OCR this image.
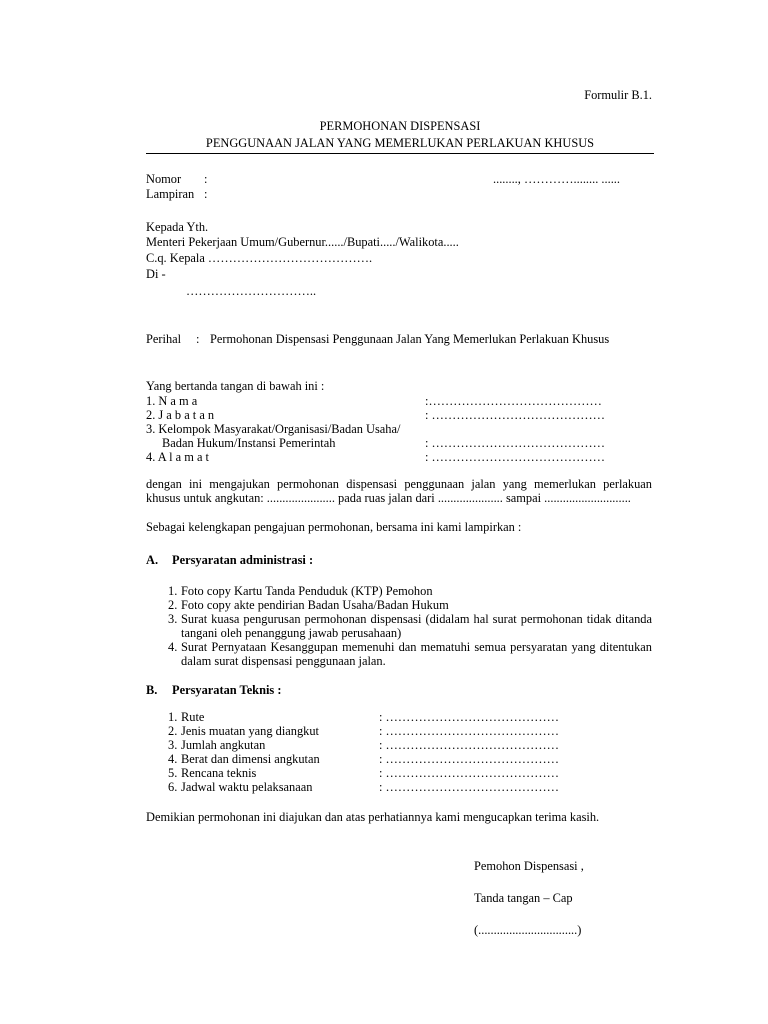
Formulir B.1.
PERMOHONAN DISPENSASI
PENGGUNAAN JALAN YANG MEMERLUKAN PERLAKUAN KHUSUS
Nomor :	........, …………........ ......
Lampiran :
Kepada Yth.
Menteri Pekerjaan Umum/Gubernur....../Bupati...../Walikota.....
C.q. Kepala ………………………………….
Di -
…………………………..
Perihal : Permohonan Dispensasi Penggunaan Jalan Yang Memerlukan Perlakuan Khusus
Yang bertanda tangan di bawah ini :
1. N a m a	:……………………………………
2. J a b a t a n	: ……………………………………
3. Kelompok Masyarakat/Organisasi/Badan Usaha/
Badan Hukum/Instansi Pemerintah	: ……………………………………
4. A l a m a t	: ……………………………………
dengan ini mengajukan permohonan dispensasi penggunaan jalan yang memerlukan perlakuan khusus untuk angkutan: ...................... pada ruas jalan dari ..................... sampai ............................
Sebagai kelengkapan pengajuan permohonan, bersama ini kami lampirkan :
A. Persyaratan administrasi :
1. Foto copy Kartu Tanda Penduduk (KTP) Pemohon
2. Foto copy akte pendirian Badan Usaha/Badan Hukum
3. Surat kuasa pengurusan permohonan dispensasi (didalam hal surat permohonan tidak ditanda tangani oleh penanggung jawab perusahaan)
4. Surat Pernyataan Kesanggupan memenuhi dan mematuhi semua persyaratan yang ditentukan dalam surat dispensasi penggunaan jalan.
B. Persyaratan Teknis :
1. Rute	: ……………………………………
2. Jenis muatan yang diangkut	: ……………………………………
3. Jumlah angkutan	: ……………………………………
4. Berat dan dimensi angkutan	: ……………………………………
5. Rencana teknis	: ……………………………………
6. Jadwal waktu pelaksanaan	: ……………………………………
Demikian permohonan ini diajukan dan atas perhatiannya kami mengucapkan terima kasih.
Pemohon Dispensasi ,
Tanda tangan – Cap
(................................)
